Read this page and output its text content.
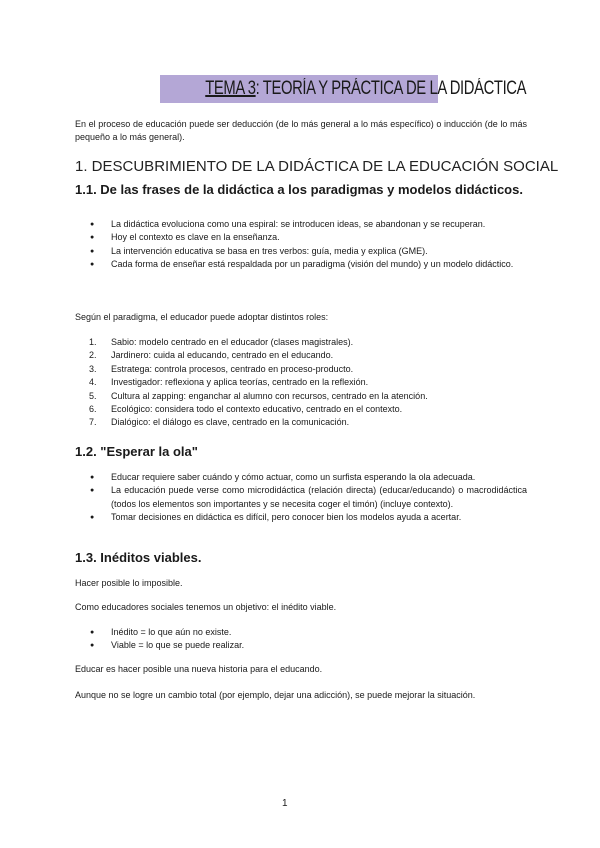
TEMA 3: TEORÍA Y PRÁCTICA DE LA DIDÁCTICA
En el proceso de educación puede ser deducción (de lo más general a lo más específico) o inducción (de lo más pequeño a lo más general).
1. DESCUBRIMIENTO DE LA DIDÁCTICA DE LA EDUCACIÓN SOCIAL
1.1. De las frases de la didáctica a los paradigmas y modelos didácticos.
● La didáctica evoluciona como una espiral: se introducen ideas, se abandonan y se recuperan.
● Hoy el contexto es clave en la enseñanza.
● La intervención educativa se basa en tres verbos: guía, media y explica (GME).
● Cada forma de enseñar está respaldada por un paradigma (visión del mundo) y un modelo didáctico.
Según el paradigma, el educador puede adoptar distintos roles:
1. Sabio: modelo centrado en el educador (clases magistrales).
2. Jardinero: cuida al educando, centrado en el educando.
3. Estratega: controla procesos, centrado en proceso-producto.
4. Investigador: reflexiona y aplica teorías, centrado en la reflexión.
5. Cultura al zapping: enganchar al alumno con recursos, centrado en la atención.
6. Ecológico: considera todo el contexto educativo, centrado en el contexto.
7. Dialógico: el diálogo es clave, centrado en la comunicación.
1.2. "Esperar la ola"
● Educar requiere saber cuándo y cómo actuar, como un surfista esperando la ola adecuada.
● La educación puede verse como microdidáctica (relación directa) (educar/educando) o macrodidáctica (todos los elementos son importantes y se necesita coger el timón) (incluye contexto).
● Tomar decisiones en didáctica es difícil, pero conocer bien los modelos ayuda a acertar.
1.3. Inéditos viables.
Hacer posible lo imposible.
Como educadores sociales tenemos un objetivo: el inédito viable.
● Inédito = lo que aún no existe.
● Viable = lo que se puede realizar.
Educar es hacer posible una nueva historia para el educando.
Aunque no se logre un cambio total (por ejemplo, dejar una adicción), se puede mejorar la situación.
1
